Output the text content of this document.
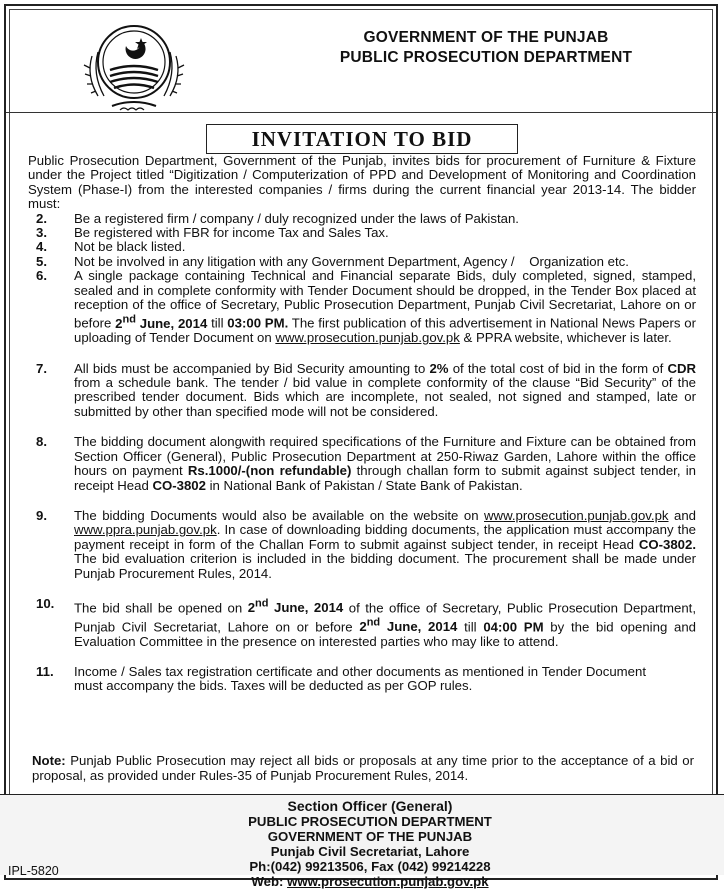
GOVERNMENT OF THE PUNJAB
PUBLIC PROSECUTION DEPARTMENT
INVITATION TO BID

Public Prosecution Department, Government of the Punjab, invites bids for procurement of Furniture & Fixture under the Project titled “Digitization / Computerization of PPD and Development of Monitoring and Coordination System (Phase-I) from the interested companies / firms during the current financial year 2013-14. The bidder must:

2.	Be a registered firm / company / duly recognized under the laws of Pakistan.
3.	Be registered with FBR for income Tax and Sales Tax.
4.	Not be black listed.
5.	Not be involved in any litigation with any Government Department, Agency /    Organization etc.
6.	A single package containing Technical and Financial separate Bids, duly completed, signed, stamped, sealed and in complete conformity with Tender Document should be dropped, in the Tender Box placed at reception of the office of Secretary, Public Prosecution Department, Punjab Civil Secretariat, Lahore on or before 2nd June, 2014 till 03:00 PM. The first publication of this advertisement in National News Papers or uploading of Tender Document on www.prosecution.punjab.gov.pk & PPRA website, whichever is later.
7.	All bids must be accompanied by Bid Security amounting to 2% of the total cost of bid in the form of CDR from a schedule bank. The tender / bid value in complete conformity of the clause “Bid Security” of the prescribed tender document. Bids which are incomplete, not sealed, not signed and stamped, late or submitted by other than specified mode will not be considered.
8.	The bidding document alongwith required specifications of the Furniture and Fixture can be obtained from Section Officer (General), Public Prosecution Department at 250-Riwaz Garden, Lahore within the office hours on payment Rs.1000/-(non refundable) through challan form to submit against subject tender, in receipt Head CO-3802 in National Bank of Pakistan / State Bank of Pakistan.
9.	The bidding Documents would also be available on the website on www.prosecution.punjab.gov.pk and www.ppra.punjab.gov.pk. In case of downloading bidding documents, the application must accompany the payment receipt in form of the Challan Form to submit against subject tender, in receipt Head CO-3802. The bid evaluation criterion is included in the bidding document. The procurement shall be made under Punjab Procurement Rules, 2014.
10.	The bid shall be opened on 2nd June, 2014 of the office of Secretary, Public Prosecution Department, Punjab Civil Secretariat, Lahore on or before 2nd June, 2014 till 04:00 PM by the bid opening and Evaluation Committee in the presence on interested parties who may like to attend.
11.	Income / Sales tax registration certificate and other documents as mentioned in Tender Document must accompany the bids. Taxes will be deducted as per GOP rules.
Note: Punjab Public Prosecution may reject all bids or proposals at any time prior to the acceptance of a bid or proposal, as provided under Rules-35 of Punjab Procurement Rules, 2014.
Section Officer (General)
PUBLIC PROSECUTION DEPARTMENT
GOVERNMENT OF THE PUNJAB
Punjab Civil Secretariat, Lahore
Ph:(042) 99213506, Fax (042) 99214228
Web: www.prosecution.punjab.gov.pk
IPL-5820
